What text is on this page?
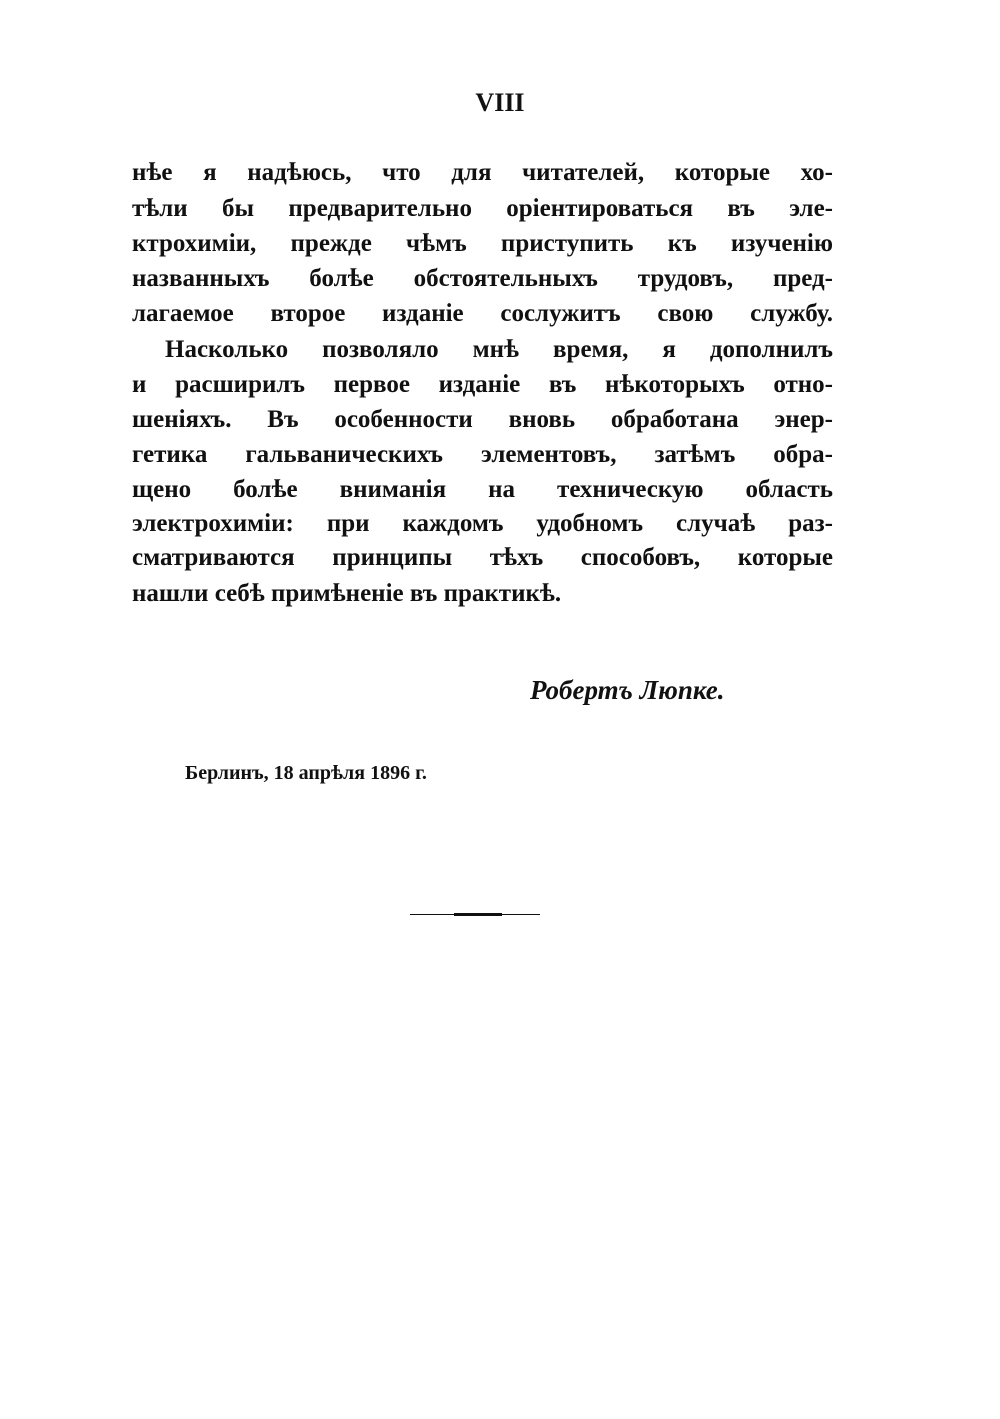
VIII
нѣе я надѣюсь, что для читателей, которые хо-
тѣли бы предварительно оріентироваться въ эле-
ктрохиміи, прежде чѣмъ приступить къ изученію
названныхъ болѣе обстоятельныхъ трудовъ, пред-
лагаемое второе изданіе сослужитъ свою службу.
Насколько позволяло мнѣ время, я дополнилъ
и расширилъ первое изданіе въ нѣкоторыхъ отно-
шеніяхъ. Въ особенности вновь обработана энер-
гетика гальваническихъ элементовъ, затѣмъ обра-
щено болѣе вниманія на техническую область
электрохиміи: при каждомъ удобномъ случаѣ раз-
сматриваются принципы тѣхъ способовъ, которые
нашли себѣ примѣненіе въ практикѣ.
Робертъ Люпке.
Берлинъ, 18 апрѣля 1896 г.
